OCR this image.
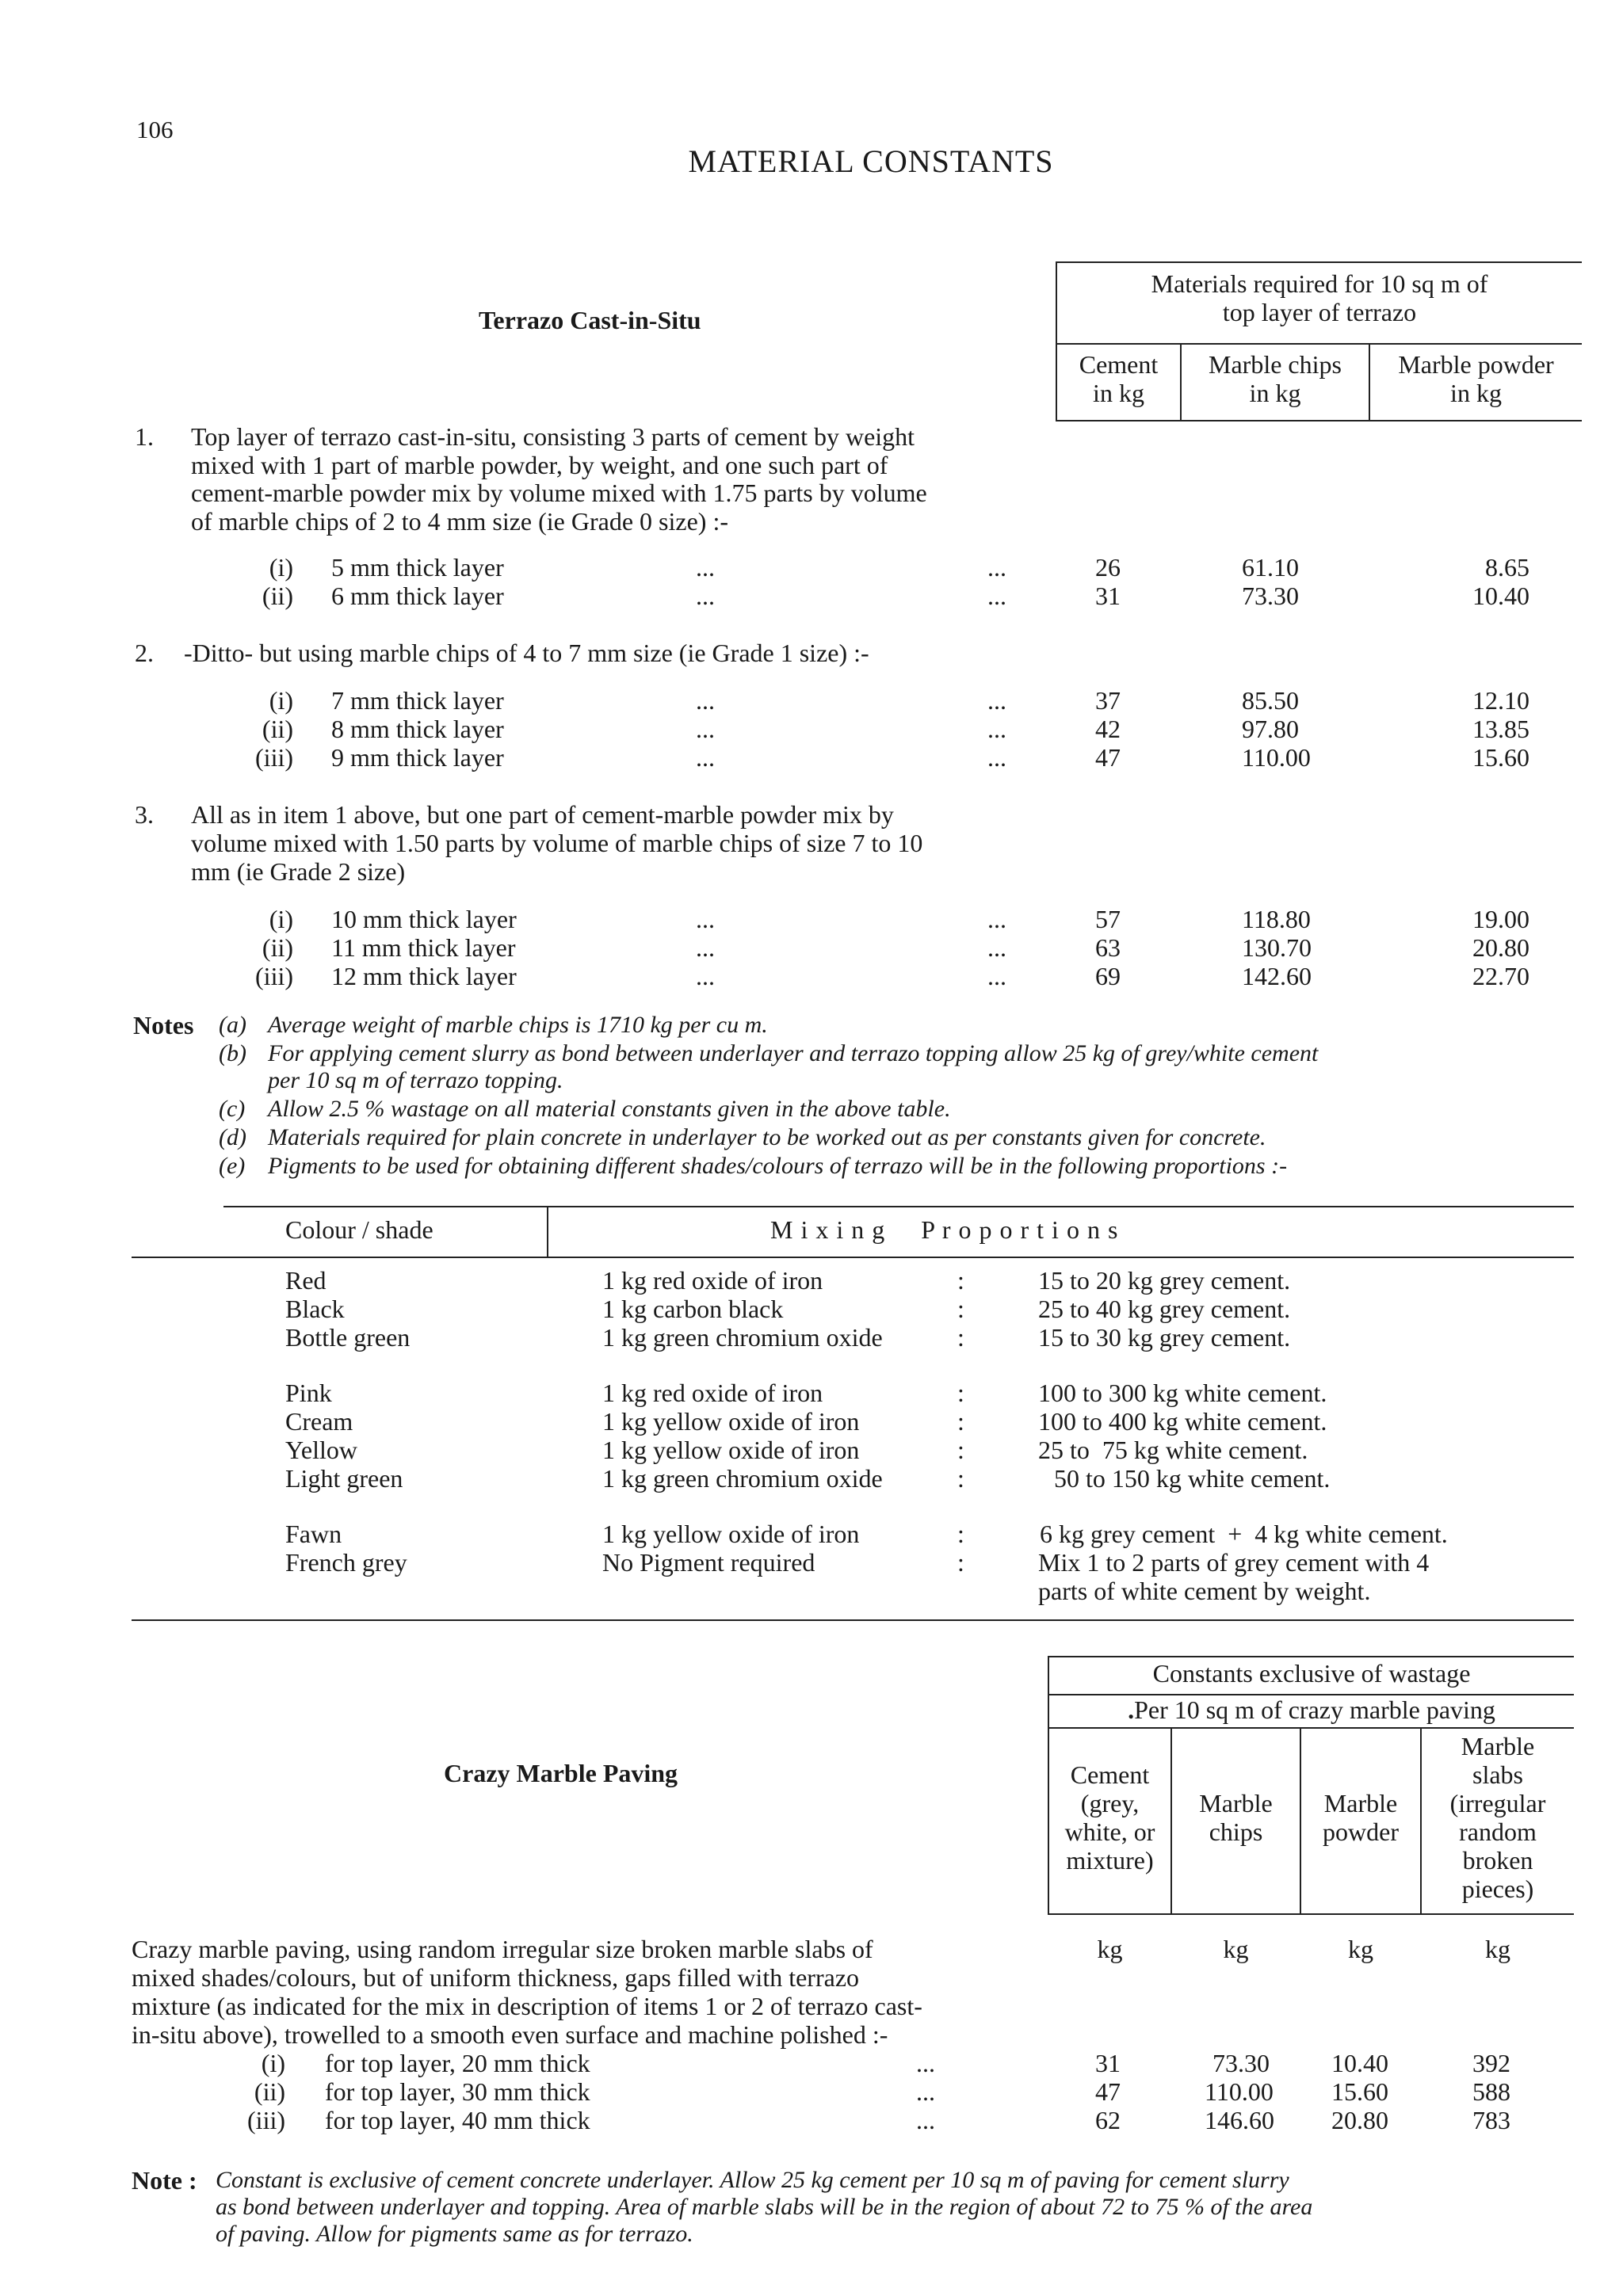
106
MATERIAL CONSTANTS
Terrazo Cast-in-Situ
Materials required for 10 sq m of
top layer of terrazo
Cement
in kg
Marble chips
in kg
Marble powder
in kg
1. Top layer of terrazo cast-in-situ, consisting 3 parts of cement by weight
mixed with 1 part of marble powder, by weight, and one such part of
cement-marble powder mix by volume mixed with 1.75 parts by volume
of marble chips of 2 to 4 mm size (ie Grade 0 size) :-
(i) 5 mm thick layer	...	...	26	61.10	8.65
(ii) 6 mm thick layer	...	...	31	73.30	10.40
2. -Ditto- but using marble chips of 4 to 7 mm size (ie Grade 1 size) :-
(i) 7 mm thick layer	...	...	37	85.50	12.10
(ii) 8 mm thick layer	...	...	42	97.80	13.85
(iii) 9 mm thick layer	...	...	47	110.00	15.60
3. All as in item 1 above, but one part of cement-marble powder mix by
volume mixed with 1.50 parts by volume of marble chips of size 7 to 10
mm (ie Grade 2 size)
(i) 10 mm thick layer	...	...	57	118.80	19.00
(ii) 11 mm thick layer	...	...	63	130.70	20.80
(iii) 12 mm thick layer	...	...	69	142.60	22.70
Notes (a) Average weight of marble chips is 1710 kg per cu m.
(b) For applying cement slurry as bond between underlayer and terrazo topping allow 25 kg of grey/white cement
per 10 sq m of terrazo topping.
(c) Allow 2.5 % wastage on all material constants given in the above table.
(d) Materials required for plain concrete in underlayer to be worked out as per constants given for concrete.
(e) Pigments to be used for obtaining different shades/colours of terrazo will be in the following proportions :-
Colour / shade	M i x i n g     P r o p o r t i o n s
Red	1 kg red oxide of iron	:	15 to 20 kg grey cement.
Black	1 kg carbon black	:	25 to 40 kg grey cement.
Bottle green	1 kg green chromium oxide	:	15 to 30 kg grey cement.
Pink	1 kg red oxide of iron	:	100 to 300 kg white cement.
Cream	1 kg yellow oxide of iron	:	100 to 400 kg white cement.
Yellow	1 kg yellow oxide of iron	:	25 to  75 kg white cement.
Light green	1 kg green chromium oxide	:	50 to 150 kg white cement.
Fawn	1 kg yellow oxide of iron	:	6 kg grey cement  +  4 kg white cement.
French grey	No Pigment required	:	Mix 1 to 2 parts of grey cement with 4
parts of white cement by weight.
Constants exclusive of wastage
.Per 10 sq m of crazy marble paving
Cement
(grey,
white, or
mixture)
Marble
chips
Marble
powder
Marble
slabs
(irregular
random
broken
pieces)
Crazy Marble Paving
Crazy marble paving, using random irregular size broken marble slabs of
mixed shades/colours, but of uniform thickness, gaps filled with terrazo
mixture (as indicated for the mix in description of items 1 or 2 of terrazo cast-
in-situ above), trowelled to a smooth even surface and machine polished :-
kg	kg	kg	kg
(i) for top layer, 20 mm thick	...	31	73.30 10.40	392
(ii) for top layer, 30 mm thick	...	47	110.00 15.60	588
(iii) for top layer, 40 mm thick	...	62	146.60 20.80	783
Note : Constant is exclusive of cement concrete underlayer. Allow 25 kg cement per 10 sq m of paving for cement slurry
as bond between underlayer and topping. Area of marble slabs will be in the region of about 72 to 75 % of the area
of paving. Allow for pigments same as for terrazo.
